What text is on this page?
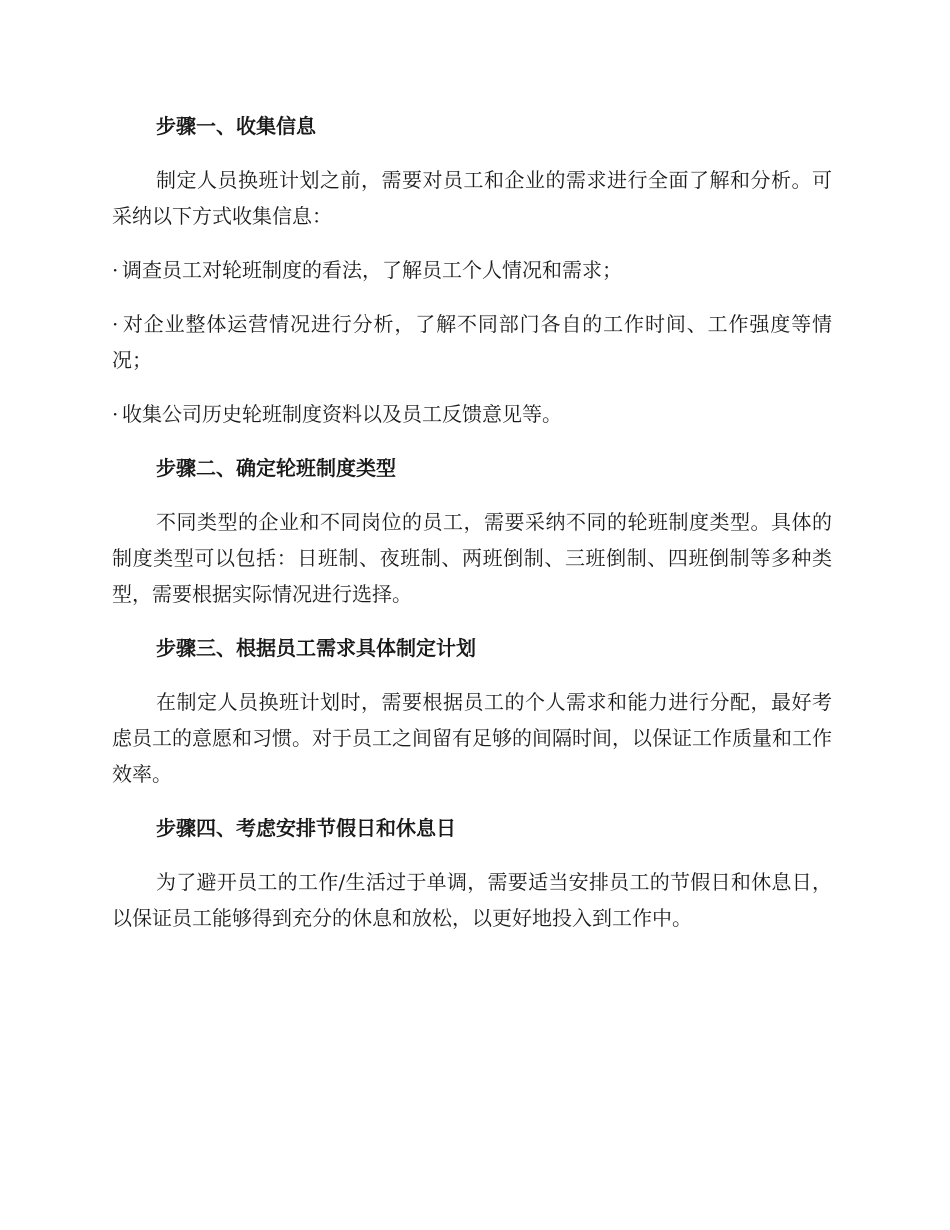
步骤一、收集信息

制定人员换班计划之前，需要对员工和企业的需求进行全面了解和分析。可采纳以下方式收集信息：

· 调查员工对轮班制度的看法，了解员工个人情况和需求；

· 对企业整体运营情况进行分析，了解不同部门各自的工作时间、工作强度等情况；

· 收集公司历史轮班制度资料以及员工反馈意见等。

步骤二、确定轮班制度类型

不同类型的企业和不同岗位的员工，需要采纳不同的轮班制度类型。具体的制度类型可以包括：日班制、夜班制、两班倒制、三班倒制、四班倒制等多种类型，需要根据实际情况进行选择。

步骤三、根据员工需求具体制定计划

在制定人员换班计划时，需要根据员工的个人需求和能力进行分配，最好考虑员工的意愿和习惯。对于员工之间留有足够的间隔时间，以保证工作质量和工作效率。

步骤四、考虑安排节假日和休息日

为了避开员工的工作/生活过于单调，需要适当安排员工的节假日和休息日，以保证员工能够得到充分的休息和放松，以更好地投入到工作中。
